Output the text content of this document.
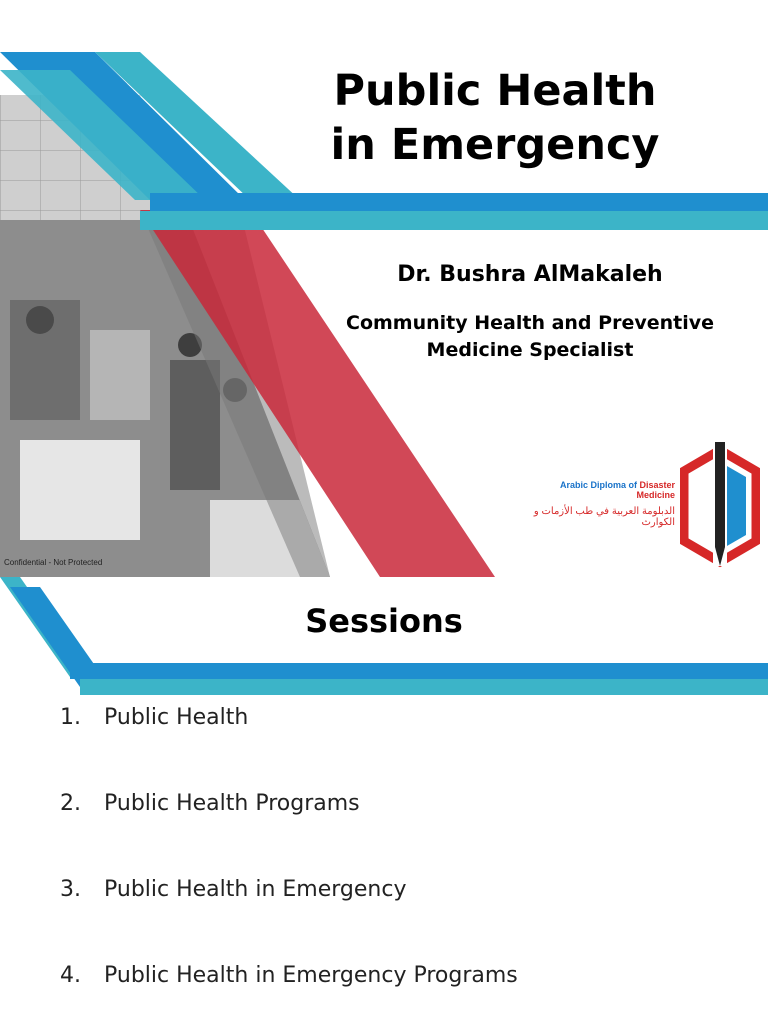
Public Health
in Emergency
Dr. Bushra AlMakaleh
Community Health and Preventive
Medicine Specialist
Arabic Diploma of Disaster Medicine
الدبلومة العربية في طب الأزمات و الكوارث
Confidential - Not Protected
Sessions
1.	Public Health
2.	Public Health Programs
3.	Public Health in Emergency
4.	Public Health in Emergency Programs
